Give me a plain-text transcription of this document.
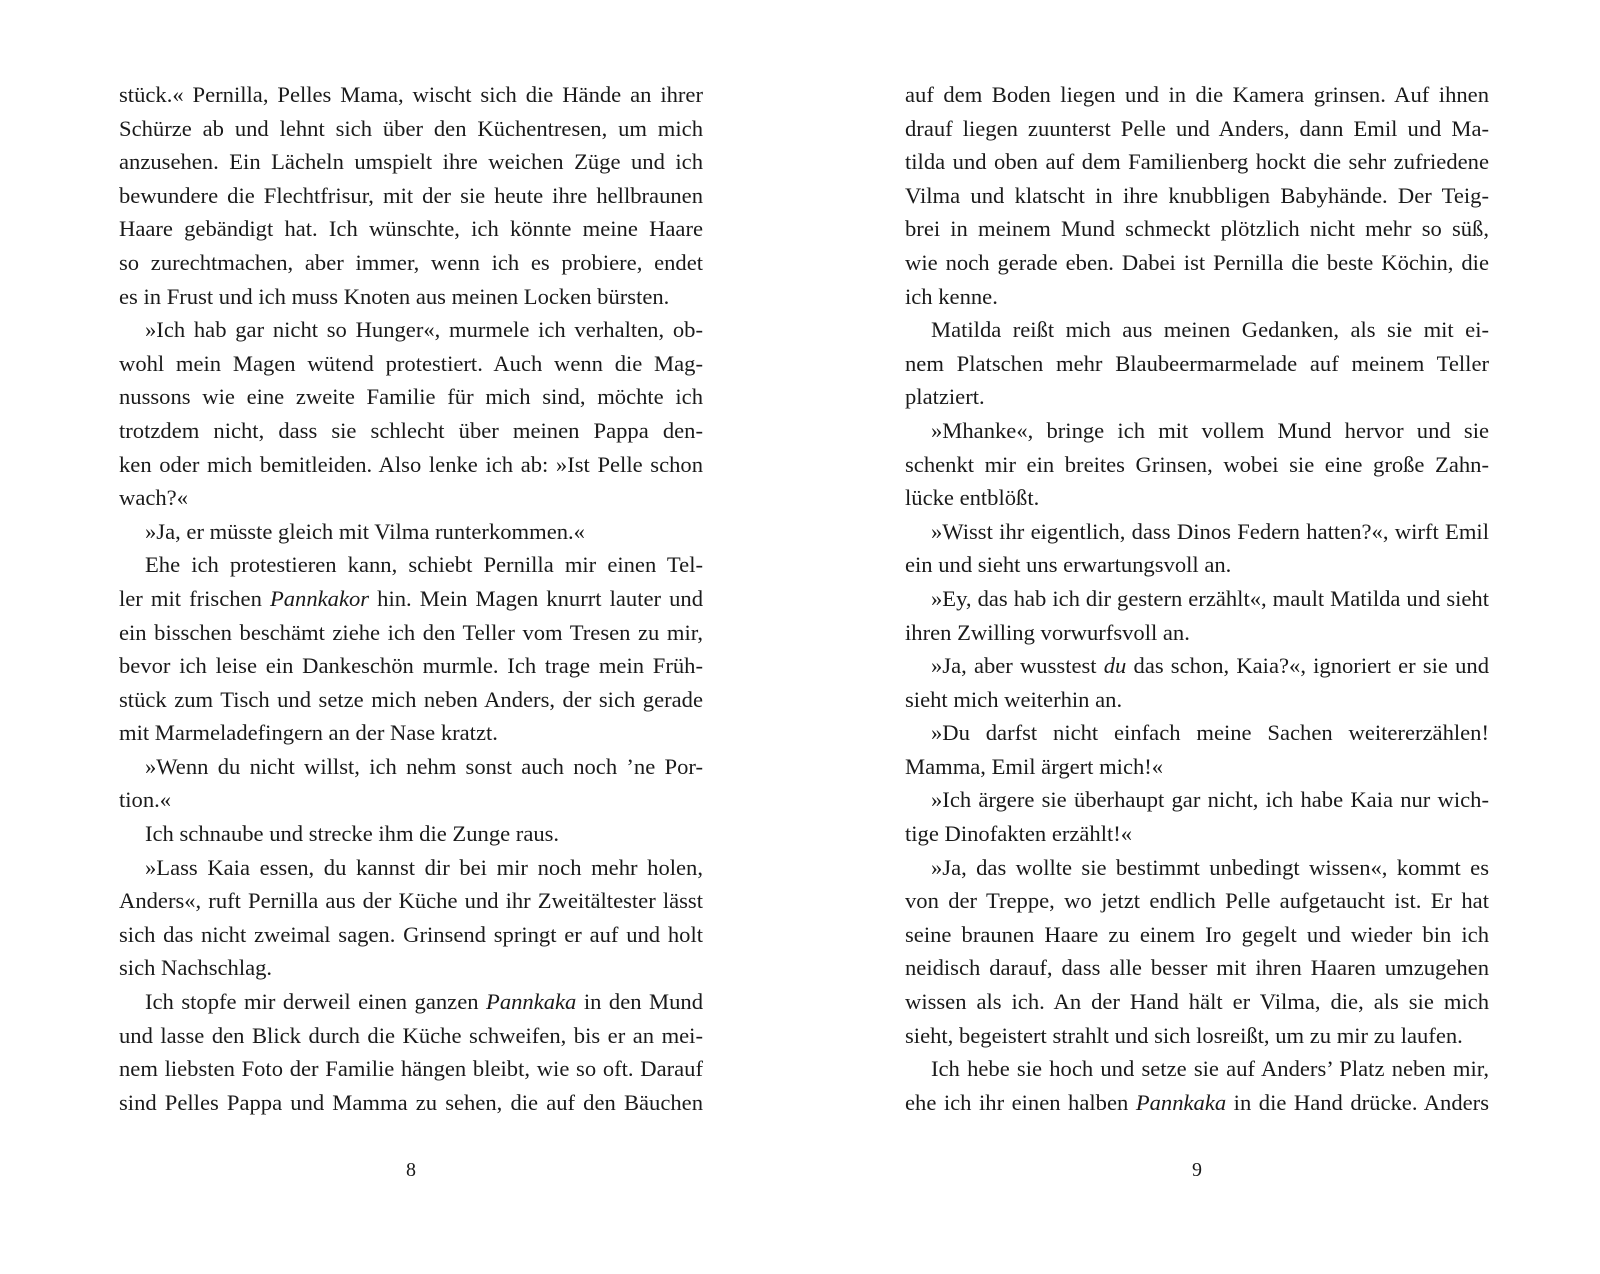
stück.« Pernilla, Pelles Mama, wischt sich die Hände an ihrer
Schürze ab und lehnt sich über den Küchentresen, um mich
anzusehen. Ein Lächeln umspielt ihre weichen Züge und ich
bewundere die Flechtfrisur, mit der sie heute ihre hellbraunen
Haare gebändigt hat. Ich wünschte, ich könnte meine Haare
so zurechtmachen, aber immer, wenn ich es probiere, endet
es in Frust und ich muss Knoten aus meinen Locken bürsten.
»Ich hab gar nicht so Hunger«, murmele ich verhalten, ob-
wohl mein Magen wütend protestiert. Auch wenn die Mag-
nussons wie eine zweite Familie für mich sind, möchte ich
trotzdem nicht, dass sie schlecht über meinen Pappa den-
ken oder mich bemitleiden. Also lenke ich ab: »Ist Pelle schon
wach?«
»Ja, er müsste gleich mit Vilma runterkommen.«
Ehe ich protestieren kann, schiebt Pernilla mir einen Tel-
ler mit frischen Pannkakor hin. Mein Magen knurrt lauter und
ein bisschen beschämt ziehe ich den Teller vom Tresen zu mir,
bevor ich leise ein Dankeschön murmle. Ich trage mein Früh-
stück zum Tisch und setze mich neben Anders, der sich gerade
mit Marmeladefingern an der Nase kratzt.
»Wenn du nicht willst, ich nehm sonst auch noch ’ne Por-
tion.«
Ich schnaube und strecke ihm die Zunge raus.
»Lass Kaia essen, du kannst dir bei mir noch mehr holen,
Anders«, ruft Pernilla aus der Küche und ihr Zweitältester lässt
sich das nicht zweimal sagen. Grinsend springt er auf und holt
sich Nachschlag.
Ich stopfe mir derweil einen ganzen Pannkaka in den Mund
und lasse den Blick durch die Küche schweifen, bis er an mei-
nem liebsten Foto der Familie hängen bleibt, wie so oft. Darauf
sind Pelles Pappa und Mamma zu sehen, die auf den Bäuchen
8
auf dem Boden liegen und in die Kamera grinsen. Auf ihnen
drauf liegen zuunterst Pelle und Anders, dann Emil und Ma-
tilda und oben auf dem Familienberg hockt die sehr zufriedene
Vilma und klatscht in ihre knubbligen Babyhände. Der Teig-
brei in meinem Mund schmeckt plötzlich nicht mehr so süß,
wie noch gerade eben. Dabei ist Pernilla die beste Köchin, die
ich kenne.
Matilda reißt mich aus meinen Gedanken, als sie mit ei-
nem Platschen mehr Blaubeermarmelade auf meinem Teller
platziert.
»Mhanke«, bringe ich mit vollem Mund hervor und sie
schenkt mir ein breites Grinsen, wobei sie eine große Zahn-
lücke entblößt.
»Wisst ihr eigentlich, dass Dinos Federn hatten?«, wirft Emil
ein und sieht uns erwartungsvoll an.
»Ey, das hab ich dir gestern erzählt«, mault Matilda und sieht
ihren Zwilling vorwurfsvoll an.
»Ja, aber wusstest du das schon, Kaia?«, ignoriert er sie und
sieht mich weiterhin an.
»Du darfst nicht einfach meine Sachen weitererzählen!
Mamma, Emil ärgert mich!«
»Ich ärgere sie überhaupt gar nicht, ich habe Kaia nur wich-
tige Dinofakten erzählt!«
»Ja, das wollte sie bestimmt unbedingt wissen«, kommt es
von der Treppe, wo jetzt endlich Pelle aufgetaucht ist. Er hat
seine braunen Haare zu einem Iro gegelt und wieder bin ich
neidisch darauf, dass alle besser mit ihren Haaren umzugehen
wissen als ich. An der Hand hält er Vilma, die, als sie mich
sieht, begeistert strahlt und sich losreißt, um zu mir zu laufen.
Ich hebe sie hoch und setze sie auf Anders’ Platz neben mir,
ehe ich ihr einen halben Pannkaka in die Hand drücke. Anders
9
